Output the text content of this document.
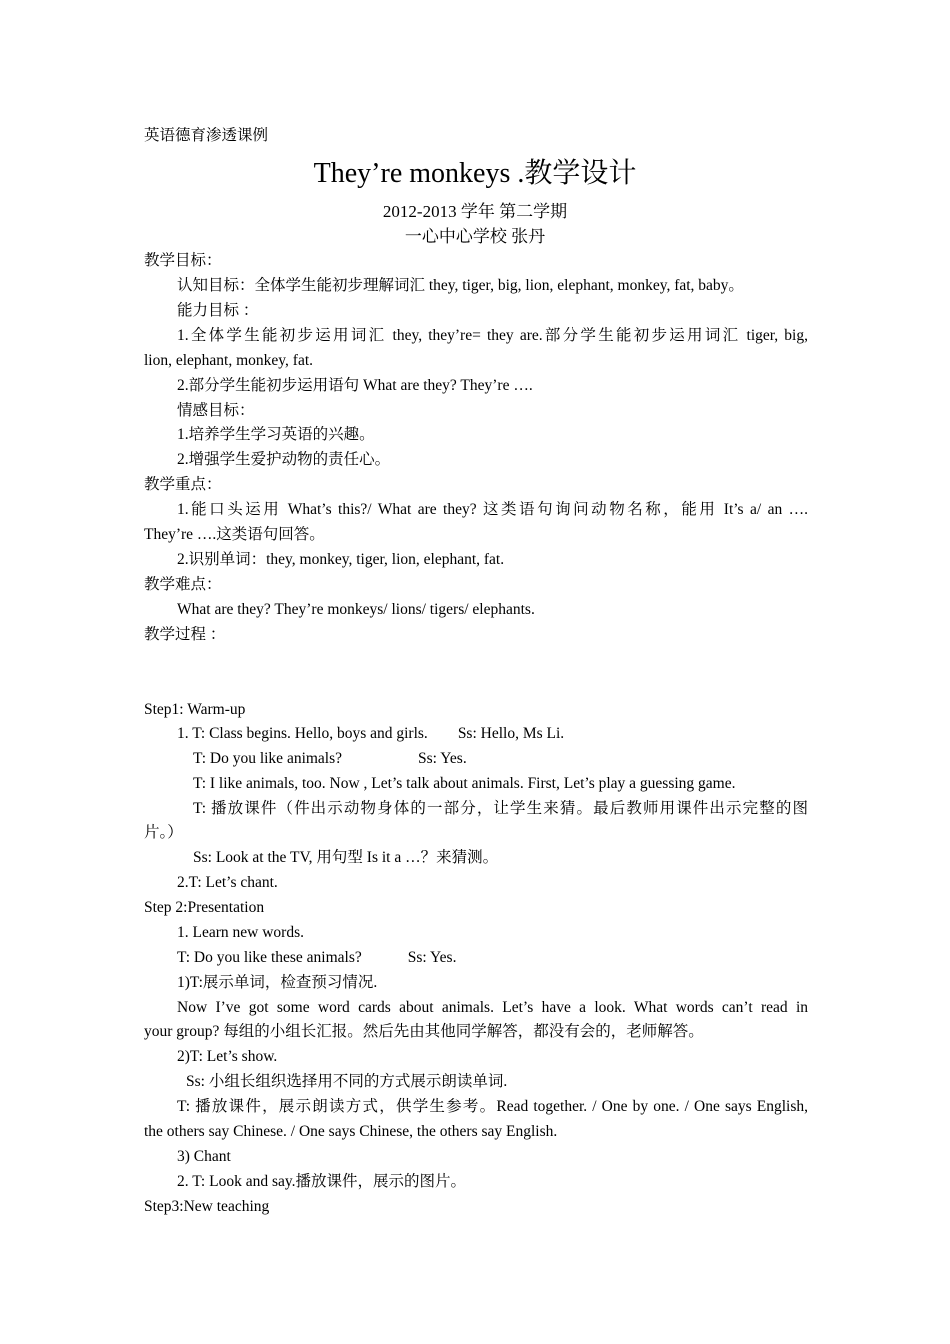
英语德育渗透课例
They’re monkeys .教学设计
2012-2013 学年 第二学期
一心中心学校 张丹
教学目标：
认知目标：全体学生能初步理解词汇 they, tiger, big, lion, elephant, monkey, fat, baby。
能力目标 ：
1.全体学生能初步运用词汇 they, they’re= they are.部分学生能初步运用词汇 tiger, big,
lion, elephant, monkey, fat.
2.部分学生能初步运用语句 What are they? They’re ….
情感目标：
1.培养学生学习英语的兴趣。
2.增强学生爱护动物的责任心。
教学重点：
1.能口头运用 What’s this?/ What are they? 这类语句询问动物名称，能用 It’s a/ an ….
They’re ….这类语句回答。
2.识别单词：they, monkey, tiger, lion, elephant, fat.
教学难点：
What are they? They’re monkeys/ lions/ tigers/ elephants.
教学过程 ：
Step1: Warm-up
1. T: Class begins. Hello, boys and girls. Ss: Hello, Ms Li.
T: Do you like animals?	Ss: Yes.
T: I like animals, too. Now , Let’s talk about animals. First, Let’s play a guessing game.
T: 播放课件（件出示动物身体的一部分，让学生来猜。最后教师用课件出示完整的图
片。）
Ss: Look at the TV, 用句型 Is it a …？来猜测。
2.T: Let’s chant.
Step 2:Presentation
1. Learn new words.
T: Do you like these animals?	Ss: Yes.
1)T:展示单词，检查预习情况.
Now I’ve got some word cards about animals. Let’s have a look. What words can’t read in
your group? 每组的小组长汇报。然后先由其他同学解答，都没有会的，老师解答。
2)T: Let’s show.
Ss: 小组长组织选择用不同的方式展示朗读单词.
T: 播放课件，展示朗读方式，供学生参考。Read together. / One by one. / One says English,
the others say Chinese. / One says Chinese, the others say English.
3) Chant
2. T: Look and say.播放课件，展示的图片。
Step3:New teaching
